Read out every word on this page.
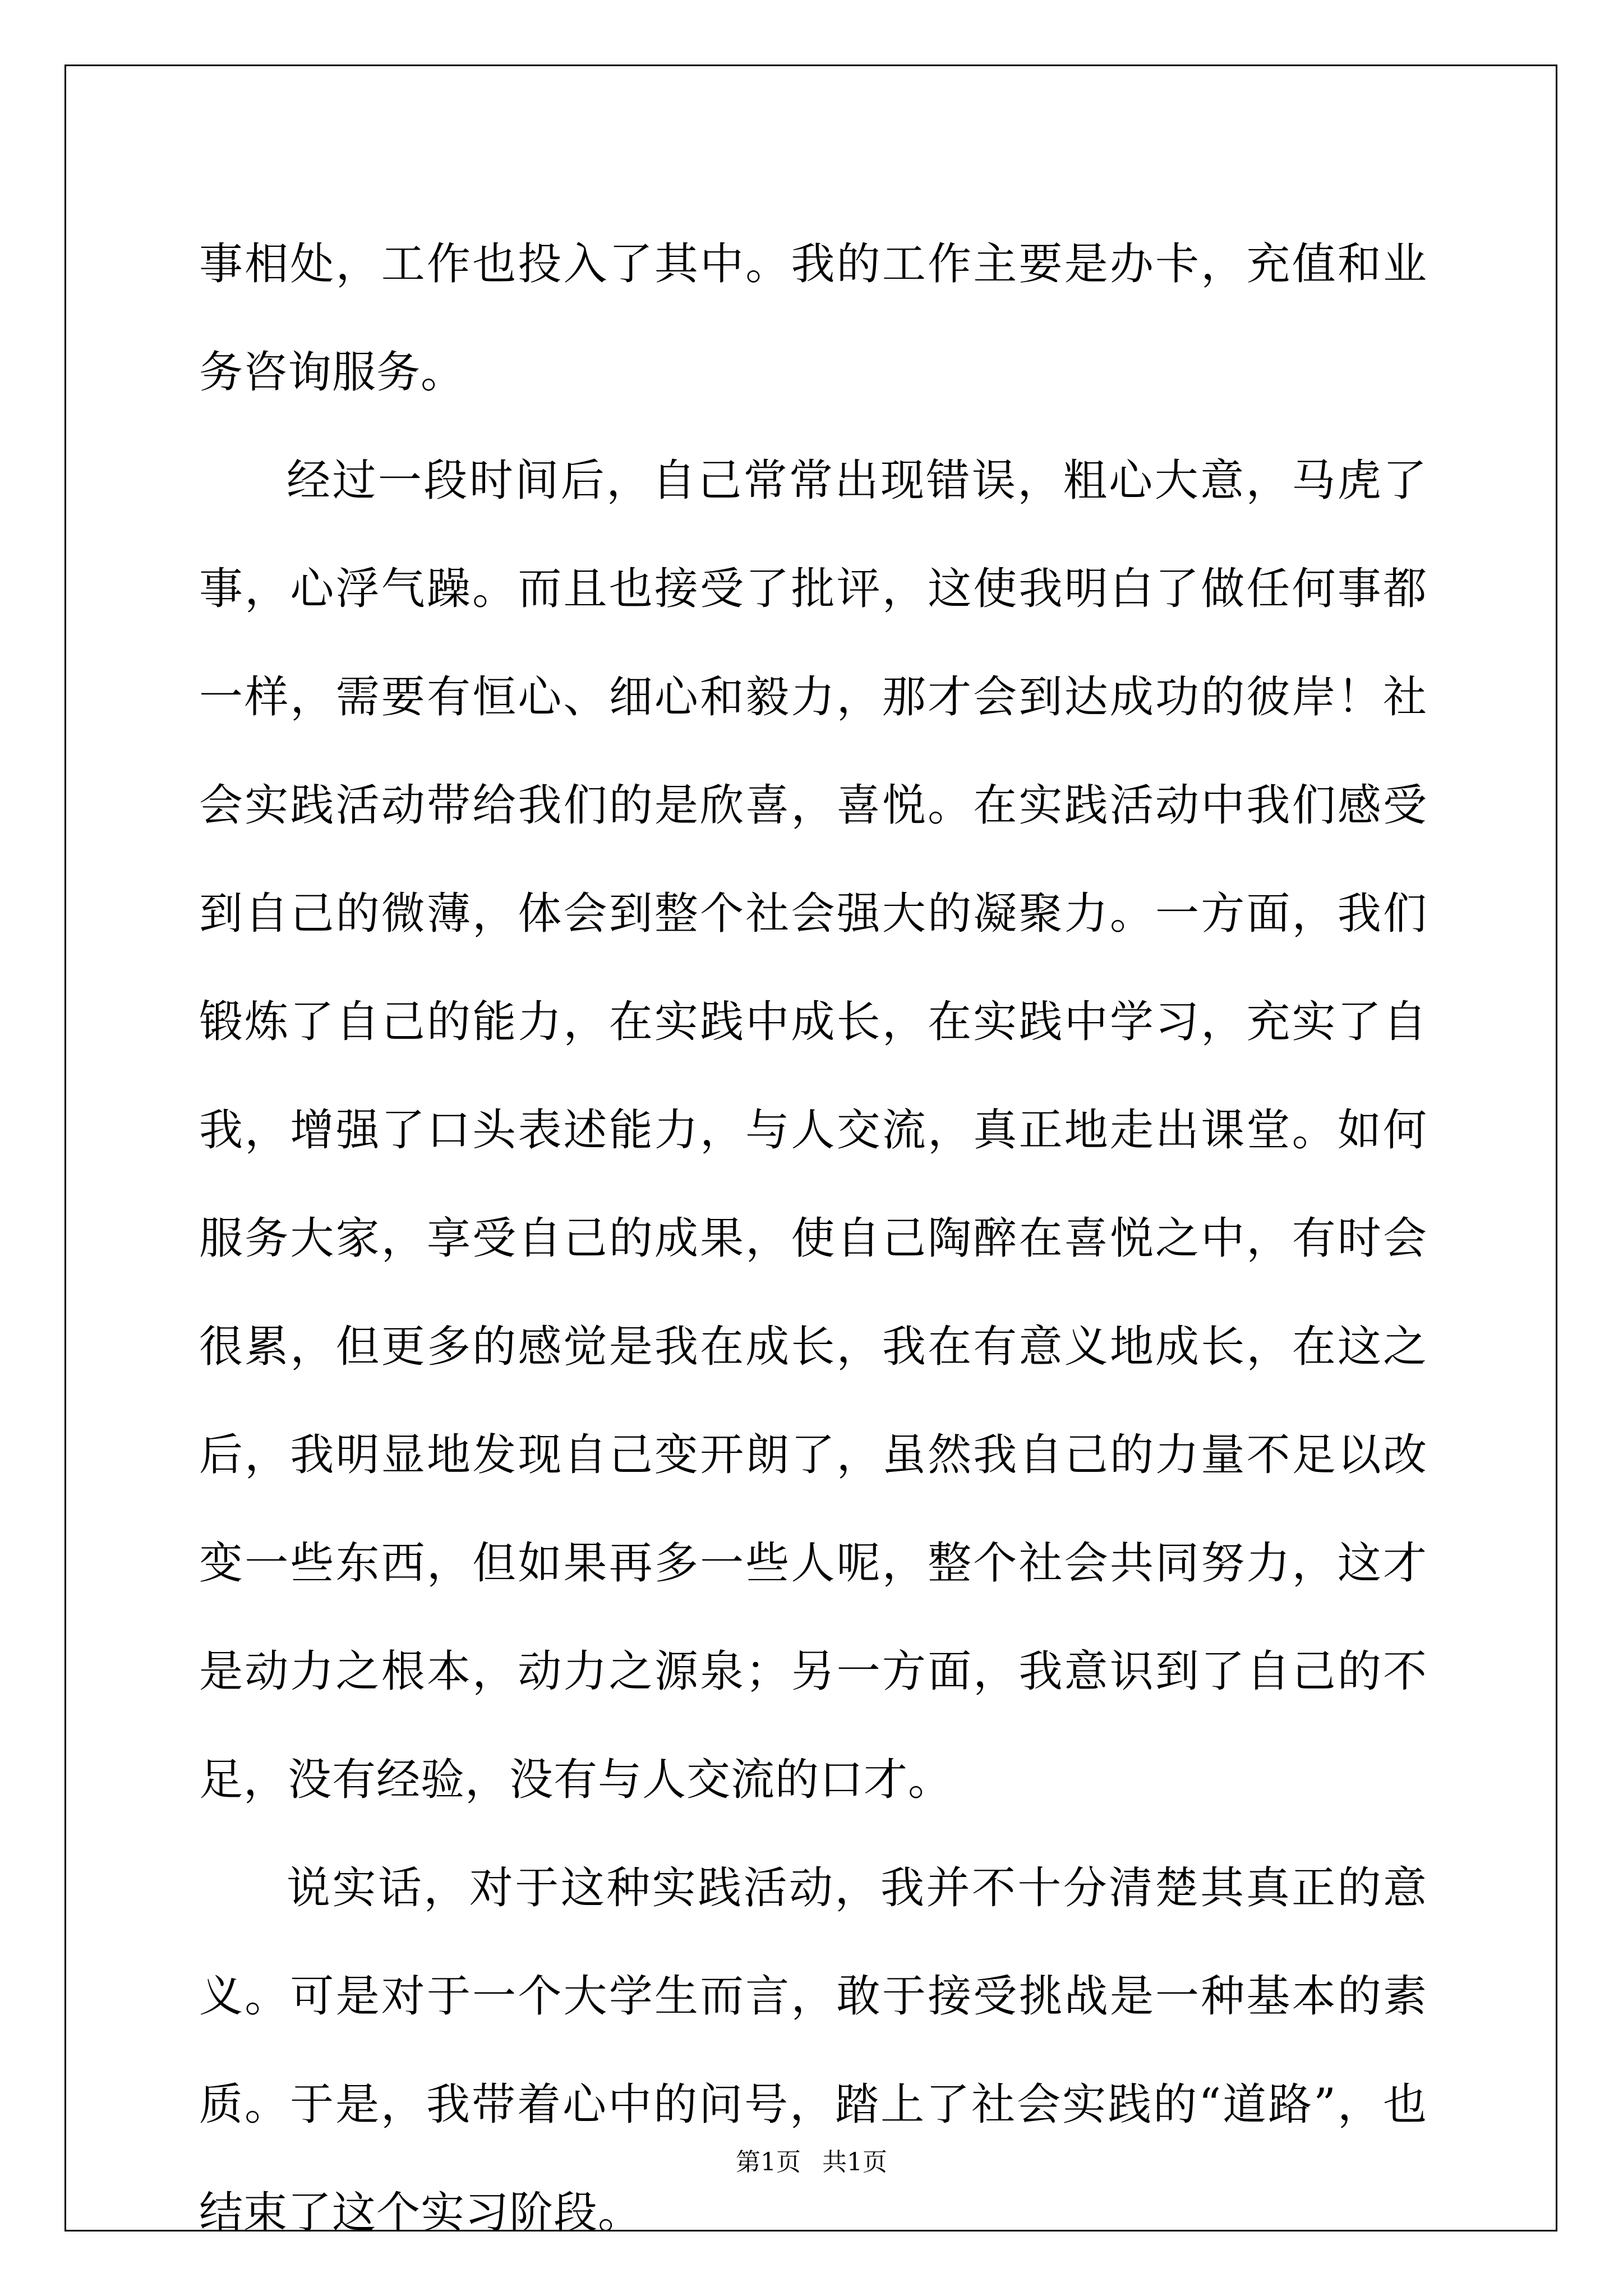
事相处，工作也投入了其中。我的工作主要是办卡，充值和业务咨询服务。

经过一段时间后，自己常常出现错误，粗心大意，马虎了事，心浮气躁。而且也接受了批评，这使我明白了做任何事都一样，需要有恒心、细心和毅力，那才会到达成功的彼岸！社会实践活动带给我们的是欣喜，喜悦。在实践活动中我们感受到自己的微薄，体会到整个社会强大的凝聚力。一方面，我们锻炼了自己的能力，在实践中成长，在实践中学习，充实了自我，增强了口头表述能力，与人交流，真正地走出课堂。如何服务大家，享受自己的成果，使自己陶醉在喜悦之中，有时会很累，但更多的感觉是我在成长，我在有意义地成长，在这之后，我明显地发现自己变开朗了，虽然我自己的力量不足以改变一些东西，但如果再多一些人呢，整个社会共同努力，这才是动力之根本，动力之源泉；另一方面，我意识到了自己的不足，没有经验，没有与人交流的口才。

说实话，对于这种实践活动，我并不十分清楚其真正的意义。可是对于一个大学生而言，敢于接受挑战是一种基本的素质。于是，我带着心中的问号，踏上了社会实践的“道路”，也结束了这个实习阶段。

第1页 共1页
